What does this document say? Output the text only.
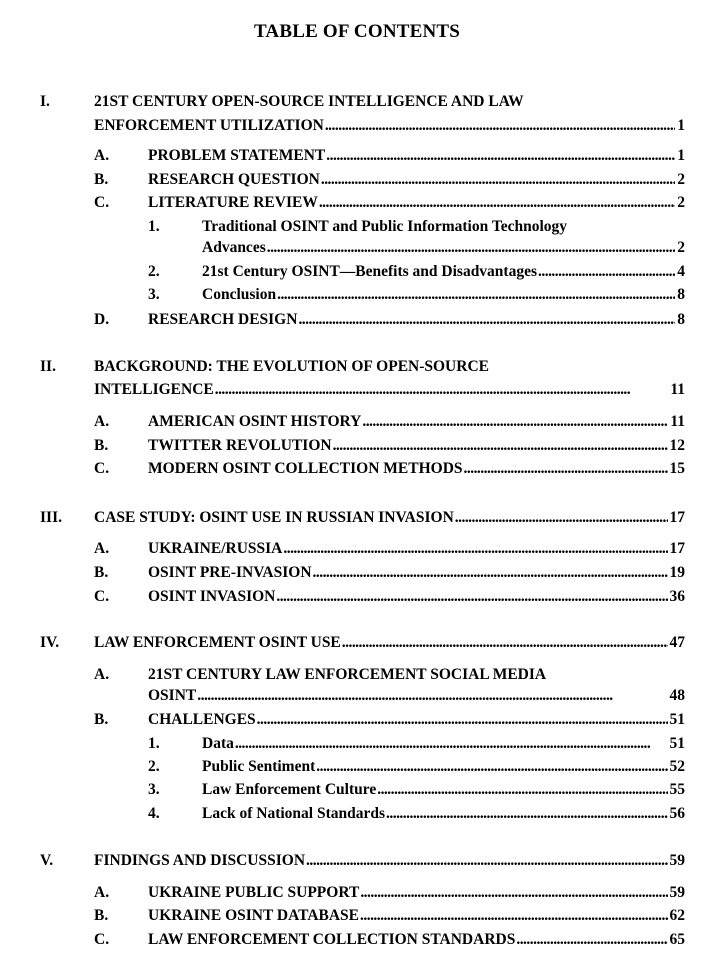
TABLE OF CONTENTS
I.	21ST CENTURY OPEN-SOURCE INTELLIGENCE AND LAW
ENFORCEMENT UTILIZATION . . .	1
A.	PROBLEM STATEMENT . . .	1
B.	RESEARCH QUESTION . . .	2
C.	LITERATURE REVIEW . . .	2
1.	Traditional OSINT and Public Information Technology
Advances . . .	2
2.	21st Century OSINT—Benefits and Disadvantages . . .	4
3.	Conclusion . . .	8
D.	RESEARCH DESIGN . . .	8
II. BACKGROUND: THE EVOLUTION OF OPEN-SOURCE
INTELLIGENCE . . .	11
A.	AMERICAN OSINT HISTORY . . .	11
B.	TWITTER REVOLUTION . . .	12
C.	MODERN OSINT COLLECTION METHODS . . .	15
III. CASE STUDY: OSINT USE IN RUSSIAN INVASION . . .	17
A.	UKRAINE/RUSSIA . . .	17
B.	OSINT PRE-INVASION . . .	19
C.	OSINT INVASION . . .	36
IV. LAW ENFORCEMENT OSINT USE . . .	47
A.	21ST CENTURY LAW ENFORCEMENT SOCIAL MEDIA
OSINT . . .	48
B.	CHALLENGES . . .	51
1.	Data . . .	51
2.	Public Sentiment . . .	52
3.	Law Enforcement Culture . . .	55
4.	Lack of National Standards . . .	56
V.	FINDINGS AND DISCUSSION . . .	59
A.	UKRAINE PUBLIC SUPPORT . . .	59
B.	UKRAINE OSINT DATABASE . . .	62
C.	LAW ENFORCEMENT COLLECTION STANDARDS . . .	65
